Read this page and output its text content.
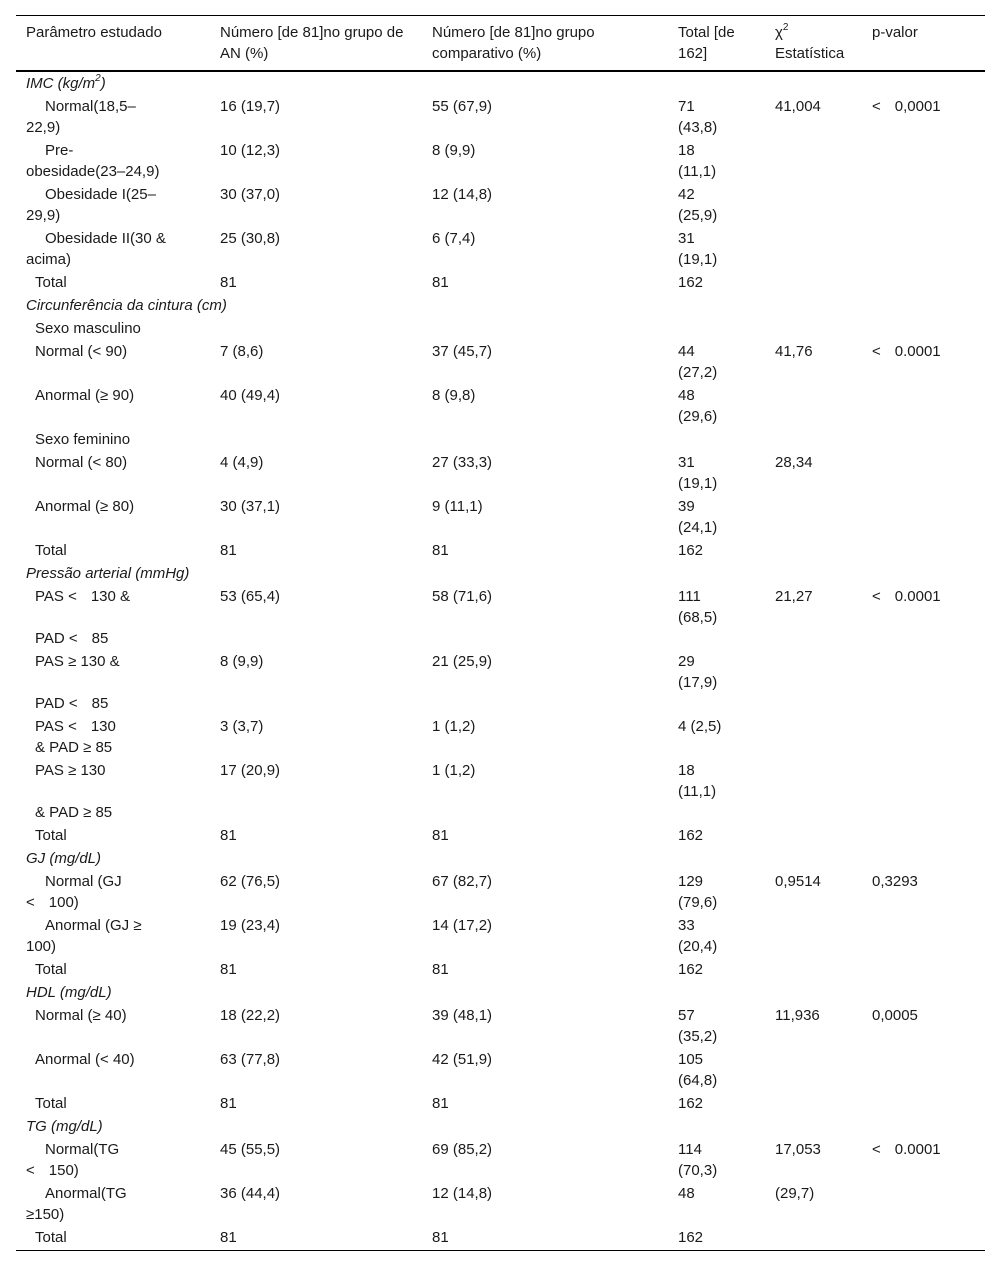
Parâmetro estudado	Número [de 81]no grupo de AN (%)	Número [de 81]no grupo comparativo (%)	Total [de 162]	$\chi^2$
Estatística	p-valor
IMC $(kg/m^2)$					
Normal(18,5–
22,9)	16 (19,7)	55 (67,9)	71
(43,8)	41,004	< 0,0001
Pre-
obesidade(23–24,9)	10 (12,3)	8 (9,9)	18
(11,1)		
Obesidade I(25–
29,9)	30 (37,0)	12 (14,8)	42
(25,9)		
Obesidade II(30 &
acima)	25 (30,8)	6 (7,4)	31
(19,1)		
Total	81	81	162		
Circunferência da cintura (cm)					
Sexo masculino					
Normal (< 90)	7 (8,6)	37 (45,7)	44
(27,2)	41,76	< 0.0001
Anormal (≥ 90)	40 (49,4)	8 (9,8)	48
(29,6)		
Sexo feminino					
Normal (< 80)	4 (4,9)	27 (33,3)	31
(19,1)	28,34	
Anormal (≥ 80)	30 (37,1)	9 (11,1)	39
(24,1)		
Total	81	81	162		
Pressão arterial (mmHg)					
PAS < 130 &

PAD < 85	53 (65,4)	58 (71,6)	111
(68,5)	21,27	< 0.0001
PAS ≥ 130 &

PAD < 85	8 (9,9)	21 (25,9)	29
(17,9)		
PAS < 130
& PAD ≥ 85	3 (3,7)	1 (1,2)	4 (2,5)		
PAS ≥ 130

& PAD ≥ 85	17 (20,9)	1 (1,2)	18
(11,1)		
Total	81	81	162		
GJ (mg/dL)					
Normal (GJ
< 100)	62 (76,5)	67 (82,7)	129
(79,6)	0,9514	0,3293
Anormal (GJ ≥
100)	19 (23,4)	14 (17,2)	33
(20,4)		
Total	81	81	162		
HDL (mg/dL)					
Normal (≥ 40)	18 (22,2)	39 (48,1)	57
(35,2)	11,936	0,0005
Anormal (< 40)	63 (77,8)	42 (51,9)	105
(64,8)		
Total	81	81	162		
TG (mg/dL)					
Normal(TG
< 150)	45 (55,5)	69 (85,2)	114
(70,3)	17,053	< 0.0001
Anormal(TG
≥150)	36 (44,4)	12 (14,8)	48	(29,7)	
Total	81	81	162		
